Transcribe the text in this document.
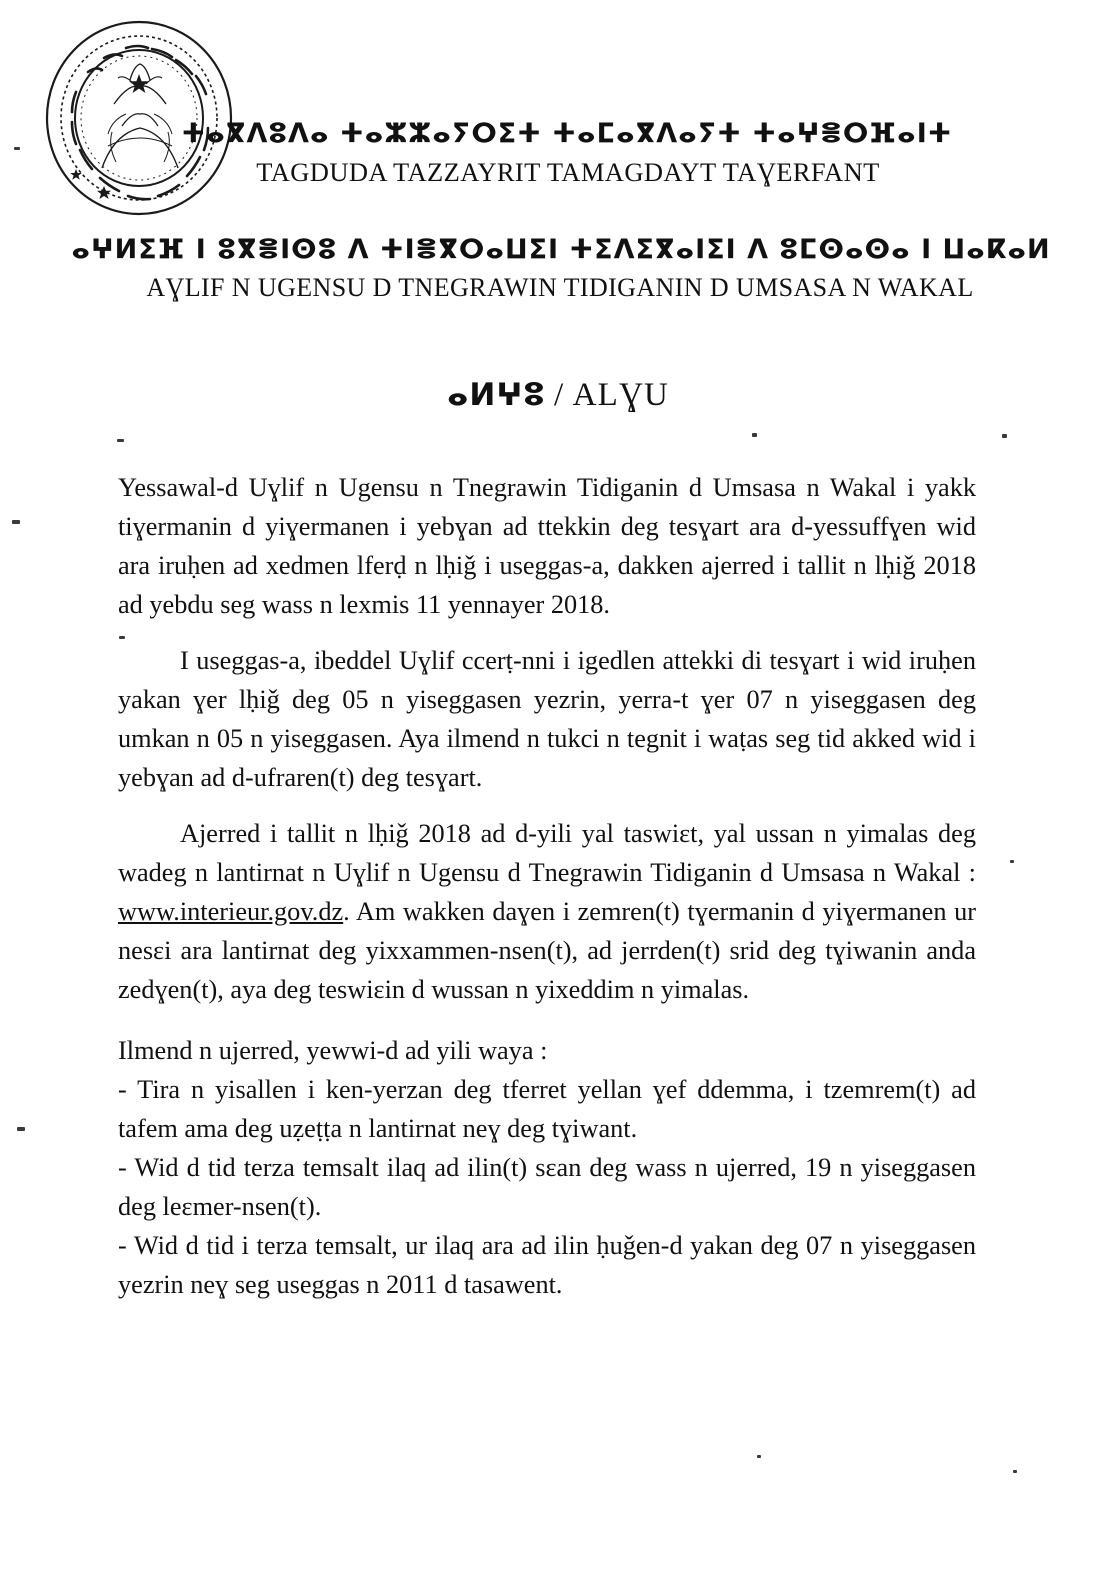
ⵜⴰⴳⴷⵓⴷⴰ ⵜⴰⵣⵣⴰⵢⵔⵉⵜ ⵜⴰⵎⴰⴳⴷⴰⵢⵜ ⵜⴰⵖⴻⵔⴼⴰⵏⵜ
TAGDUDA TAZZAYRIT TAMAGDAYT TAƔERFANT
ⴰⵖⵍⵉⴼ ⵏ ⵓⴳⴻⵏⵙⵓ ⴷ ⵜⵏⴻⴳⵔⴰⵡⵉⵏ ⵜⵉⴷⵉⴳⴰⵏⵉⵏ ⴷ ⵓⵎⵙⴰⵙⴰ ⵏ ⵡⴰⴽⴰⵍ
AƔLIF N UGENSU D TNEGRAWIN TIDIGANIN D UMSASA N WAKAL
ⴰⵍⵖⵓ / ALƔU

Yessawal-d Uɣlif n Ugensu n Tnegrawin Tidiganin d Umsasa n Wakal i yakk tiɣermanin d yiɣermanen i yebɣan ad ttekkin deg tesɣart ara d-yessuffɣen wid ara iruḥen ad xedmen lferḍ n lḥiǧ i useggas-a, dakken ajerred i tallit n lḥiǧ 2018 ad yebdu seg wass n lexmis 11 yennayer 2018.

I useggas-a, ibeddel Uɣlif ccerṭ-nni i igedlen attekki di tesɣart i wid iruḥen yakan ɣer lḥiǧ deg 05 n yiseggasen yezrin, yerra-t ɣer 07 n yiseggasen deg umkan n 05 n yiseggasen. Aya ilmend n tukci n tegnit i waṭas seg tid akked wid i yebɣan ad d-ufraren(t) deg tesɣart.

Ajerred i tallit n lḥiǧ 2018 ad d-yili yal taswiɛt, yal ussan n yimalas deg wadeg n lantirnat n Uɣlif n Ugensu d Tnegrawin Tidiganin d Umsasa n Wakal : www.interieur.gov.dz. Am wakken daɣen i zemren(t) tɣermanin d yiɣermanen ur nesɛi ara lantirnat deg yixxammen-nsen(t), ad jerrden(t) srid deg tɣiwanin anda zedɣen(t), aya deg teswiɛin d wussan n yixeddim n yimalas.

Ilmend n ujerred, yewwi-d ad yili waya :

- Tira n yisallen i ken-yerzan deg tferret yellan ɣef ddemma, i tzemrem(t) ad tafem ama deg uẓeṭṭa n lantirnat neɣ deg tɣiwant.

- Wid d tid terza temsalt ilaq ad ilin(t) sɛan deg wass n ujerred, 19 n yiseggasen deg leɛmer-nsen(t).

- Wid d tid i terza temsalt, ur ilaq ara ad ilin ḥuǧen-d yakan deg 07 n yiseggasen yezrin neɣ seg useggas n 2011 d tasawent.
